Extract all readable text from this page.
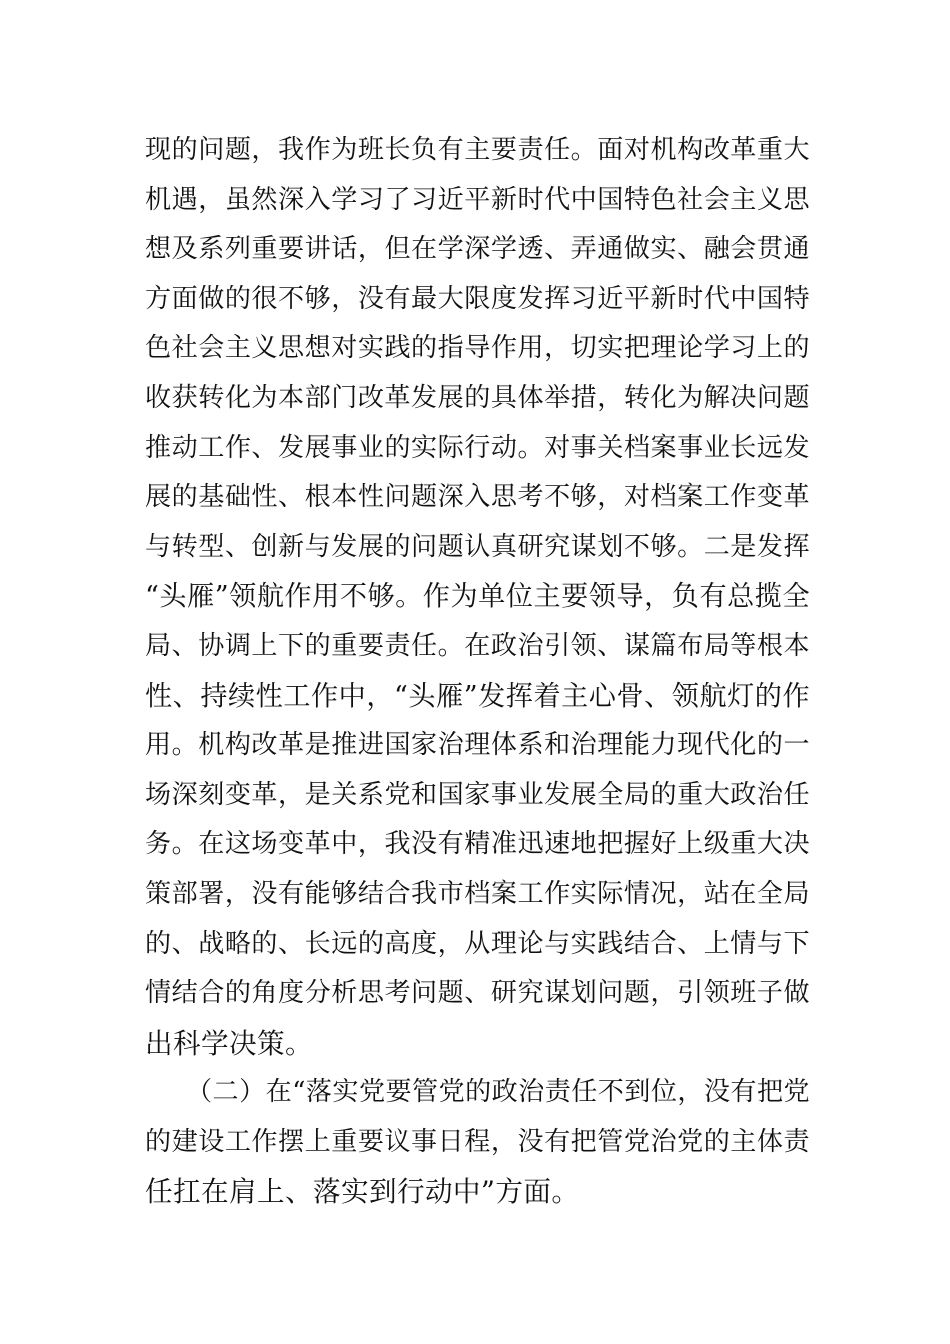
现的问题，我作为班长负有主要责任。面对机构改革重大
机遇，虽然深入学习了习近平新时代中国特色社会主义思
想及系列重要讲话，但在学深学透、弄通做实、融会贯通
方面做的很不够，没有最大限度发挥习近平新时代中国特
色社会主义思想对实践的指导作用，切实把理论学习上的
收获转化为本部门改革发展的具体举措，转化为解决问题
推动工作、发展事业的实际行动。对事关档案事业长远发
展的基础性、根本性问题深入思考不够，对档案工作变革
与转型、创新与发展的问题认真研究谋划不够。二是发挥
“头雁”领航作用不够。作为单位主要领导，负有总揽全
局、协调上下的重要责任。在政治引领、谋篇布局等根本
性、持续性工作中，“头雁”发挥着主心骨、领航灯的作
用。机构改革是推进国家治理体系和治理能力现代化的一
场深刻变革，是关系党和国家事业发展全局的重大政治任
务。在这场变革中，我没有精准迅速地把握好上级重大决
策部署，没有能够结合我市档案工作实际情况，站在全局
的、战略的、长远的高度，从理论与实践结合、上情与下
情结合的角度分析思考问题、研究谋划问题，引领班子做
出科学决策。
（二）在“落实党要管党的政治责任不到位，没有把党
的建设工作摆上重要议事日程，没有把管党治党的主体责
任扛在肩上、落实到行动中”方面。
